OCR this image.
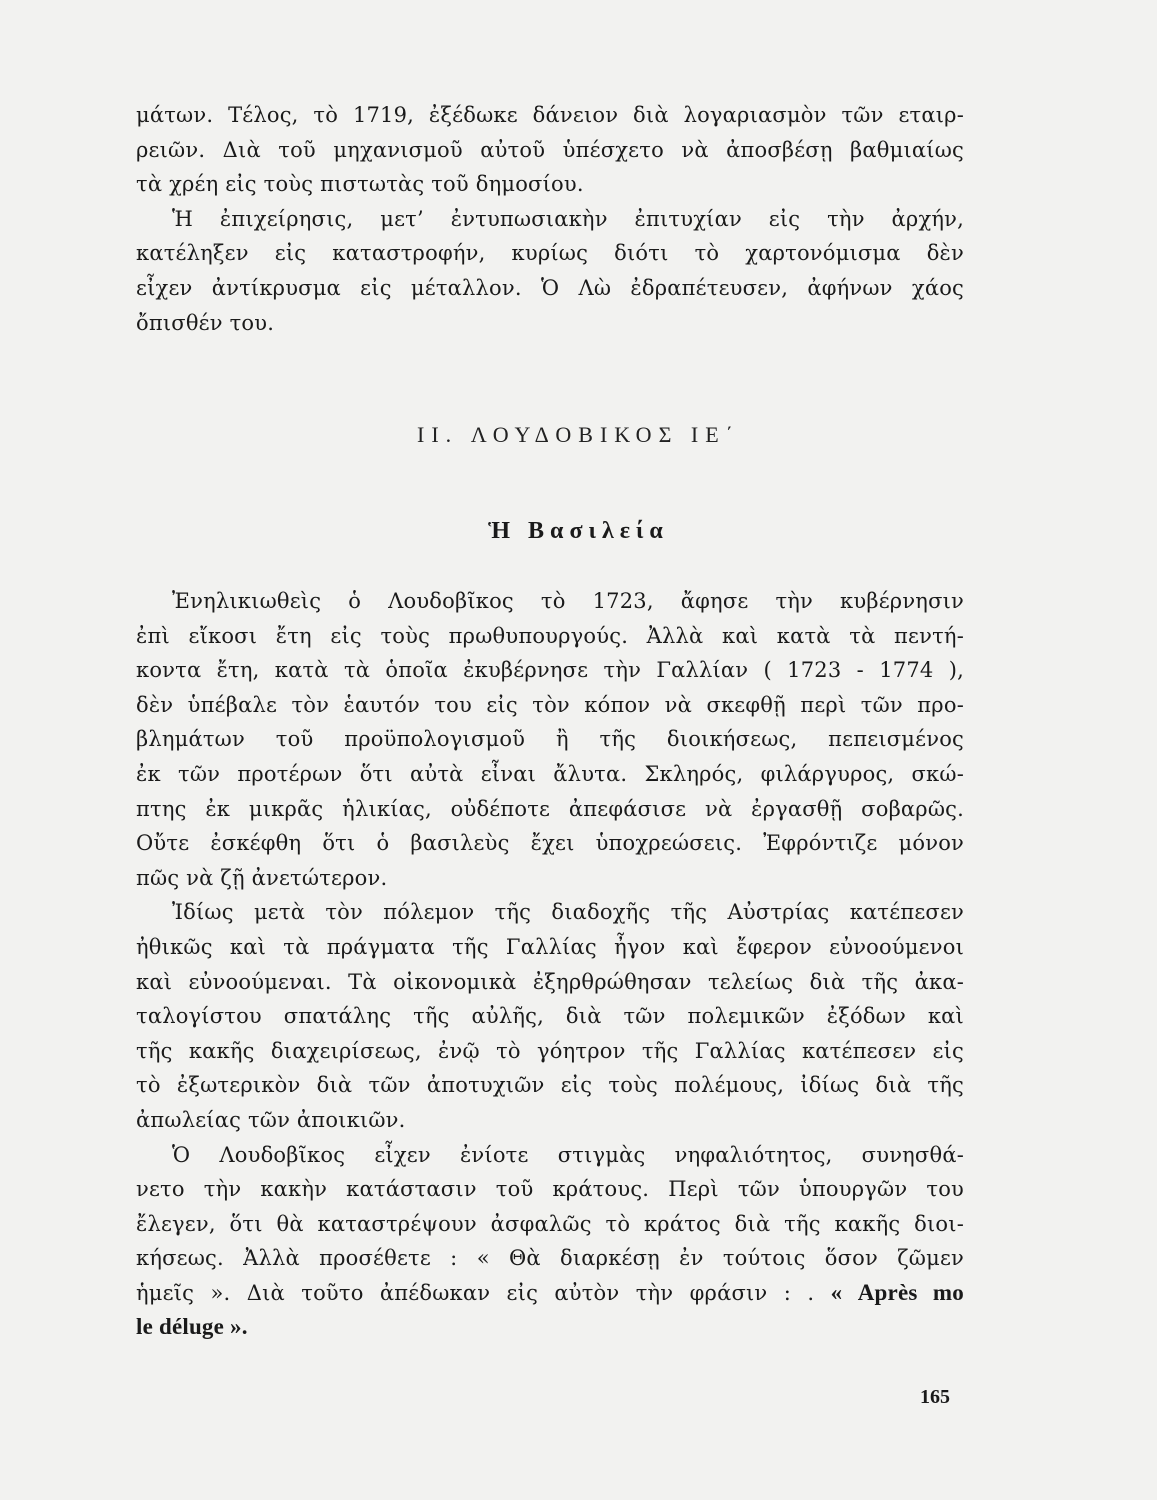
μάτων. Τέλος, τὸ 1719, ἐξέδωκε δάνειον διὰ λογαριασμὸν τῶν εταιρ-
ρειῶν. Διὰ τοῦ μηχανισμοῦ αὐτοῦ ὑπέσχετο νὰ ἀποσβέσῃ βαθμιαίως
τὰ χρέη εἰς τοὺς πιστωτὰς τοῦ δημοσίου.
Ἡ ἐπιχείρησις, μετ’ ἐντυπωσιακὴν ἐπιτυχίαν εἰς τὴν ἀρχήν,
κατέληξεν εἰς καταστροφήν, κυρίως διότι τὸ χαρτονόμισμα δὲν
εἶχεν ἀντίκρυσμα εἰς μέταλλον. Ὁ Λὼ ἐδραπέτευσεν, ἀφήνων χάος
ὄπισθέν του.
II. ΛΟΥΔΟΒΙΚΟΣ ΙΕ΄
Ἡ Βασιλεία
Ἐνηλικιωθεὶς ὁ Λουδοβῖκος τὸ 1723, ἄφησε τὴν κυβέρνησιν
ἐπὶ εἴκοσι ἔτη εἰς τοὺς πρωθυπουργούς. Ἀλλὰ καὶ κατὰ τὰ πεντή-
κοντα ἔτη, κατὰ τὰ ὁποῖα ἐκυβέρνησε τὴν Γαλλίαν ( 1723 - 1774 ),
δὲν ὑπέβαλε τὸν ἑαυτόν του εἰς τὸν κόπον νὰ σκεφθῇ περὶ τῶν προ-
βλημάτων τοῦ προϋπολογισμοῦ ἢ τῆς διοικήσεως, πεπεισμένος
ἐκ τῶν προτέρων ὅτι αὐτὰ εἶναι ἄλυτα. Σκληρός, φιλάργυρος, σκώ-
πτης ἐκ μικρᾶς ἡλικίας, οὐδέποτε ἀπεφάσισε νὰ ἐργασθῇ σοβαρῶς.
Οὔτε ἐσκέφθη ὅτι ὁ βασιλεὺς ἔχει ὑποχρεώσεις. Ἐφρόντιζε μόνον
πῶς νὰ ζῇ ἀνετώτερον.
Ἰδίως μετὰ τὸν πόλεμον τῆς διαδοχῆς τῆς Αὐστρίας κατέπεσεν
ἠθικῶς καὶ τὰ πράγματα τῆς Γαλλίας ἦγον καὶ ἔφερον εὐνοούμενοι
καὶ εὐνοούμεναι. Τὰ οἰκονομικὰ ἐξηρθρώθησαν τελείως διὰ τῆς ἀκα-
ταλογίστου σπατάλης τῆς αὐλῆς, διὰ τῶν πολεμικῶν ἐξόδων καὶ
τῆς κακῆς διαχειρίσεως, ἐνῷ τὸ γόητρον τῆς Γαλλίας κατέπεσεν εἰς
τὸ ἐξωτερικὸν διὰ τῶν ἀποτυχιῶν εἰς τοὺς πολέμους, ἰδίως διὰ τῆς
ἀπωλείας τῶν ἀποικιῶν.
Ὁ Λουδοβῖκος εἶχεν ἐνίοτε στιγμὰς νηφαλιότητος, συνησθά-
νετο τὴν κακὴν κατάστασιν τοῦ κράτους. Περὶ τῶν ὑπουργῶν του
ἔλεγεν, ὅτι θὰ καταστρέψουν ἀσφαλῶς τὸ κράτος διὰ τῆς κακῆς διοι-
κήσεως. Ἀλλὰ προσέθετε : « Θὰ διαρκέσῃ ἐν τούτοις ὅσον ζῶμεν
ἡμεῖς ». Διὰ τοῦτο ἀπέδωκαν εἰς αὐτὸν τὴν φράσιν : . « Après mo
le déluge ».
165
